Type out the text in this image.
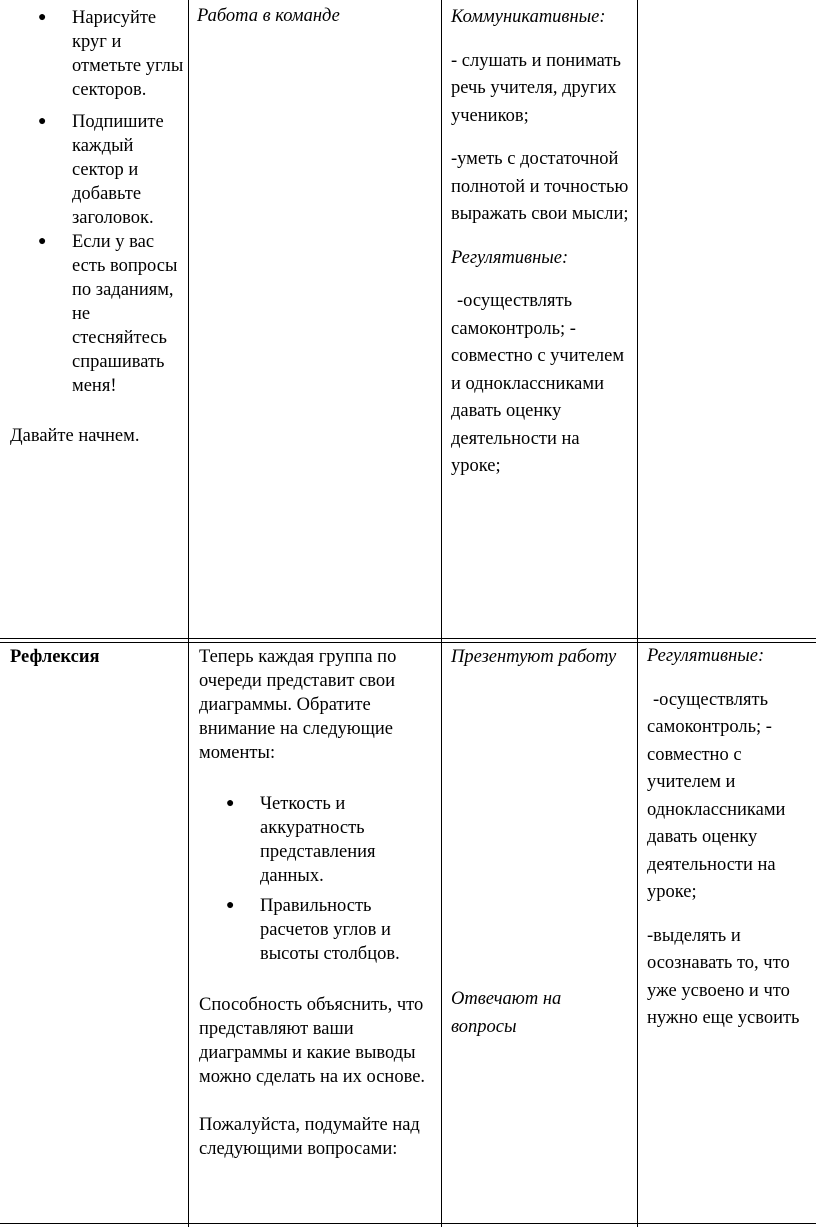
● Нарисуйте круг и отметьте углы секторов.
● Подпишите каждый сектор и добавьте заголовок.
● Если у вас есть вопросы по заданиям, не стесняйтесь спрашивать меня!

Давайте начнем.

Работа в команде	Коммуникативные:

- слушать и понимать речь учителя, других учеников;

-уметь с достаточной полнотой и точностью выражать свои мысли;

Регулятивные:

-осуществлять самоконтроль; - совместно с учителем и одноклассниками давать оценку деятельности на уроке;

Рефлексия	Теперь каждая группа по очереди представит свои диаграммы. Обратите внимание на следующие моменты:

● Четкость и аккуратность представления данных.
● Правильность расчетов углов и высоты столбцов.

Способность объяснить, что представляют ваши диаграммы и какие выводы можно сделать на их основе.

Пожалуйста, подумайте над следующими вопросами:

Презентуют работу

Отвечают на вопросы

Регулятивные:

-осуществлять самоконтроль; - совместно с учителем и одноклассниками давать оценку деятельности на уроке;

-выделять и осознавать то, что уже усвоено и что нужно еще усвоить
